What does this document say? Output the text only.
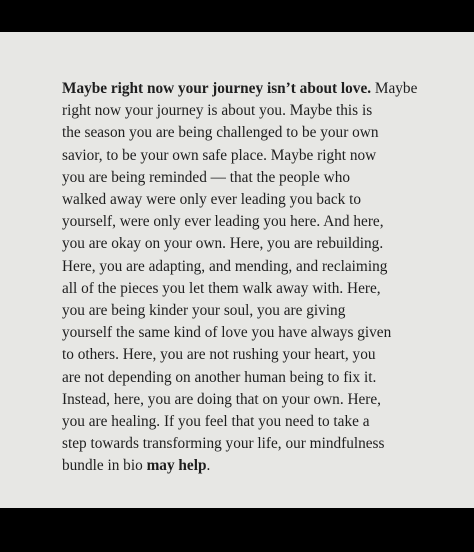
Maybe right now your journey isn’t about love. Maybe
right now your journey is about you. Maybe this is
the season you are being challenged to be your own
savior, to be your own safe place. Maybe right now
you are being reminded — that the people who
walked away were only ever leading you back to
yourself, were only ever leading you here. And here,
you are okay on your own. Here, you are rebuilding.
Here, you are adapting, and mending, and reclaiming
all of the pieces you let them walk away with. Here,
you are being kinder your soul, you are giving
yourself the same kind of love you have always given
to others. Here, you are not rushing your heart, you
are not depending on another human being to fix it.
Instead, here, you are doing that on your own. Here,
you are healing. If you feel that you need to take a
step towards transforming your life, our mindfulness
bundle in bio may help.
